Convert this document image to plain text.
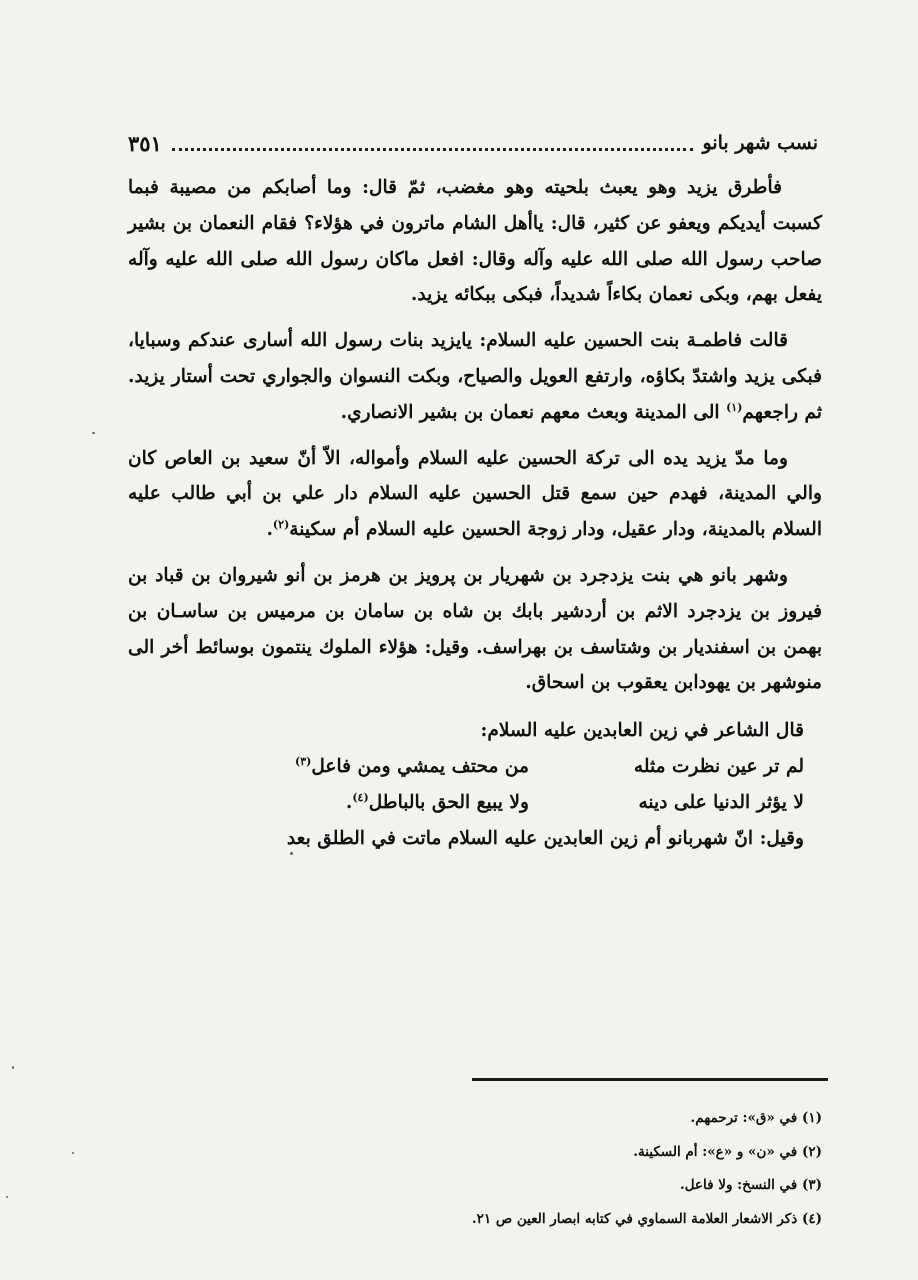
نسب شهر بانو
٣٥١

فأطرق يزيد وهو يعبث بلحيته وهو مغضب، ثمّ قال: وما أصابكم من مصيبة فبما كسبت أيديكم ويعفو عن كثير، قال: ياأهل الشام ماترون في هؤلاء؟ فقام النعمان بن بشير صاحب رسول الله صلى الله عليه وآله وقال: افعل ماكان رسول الله صلى الله عليه وآله يفعل بهم، وبكى نعمان بكاءاً شديداً، فبكى ببكائه يزيد.

قالت فاطمـة بنت الحسين عليه السلام: يايزيد بنات رسول الله أسارى عندكم وسبايا، فبكى يزيد واشتدّ بكاؤه، وارتفع العويل والصياح، وبكت النسوان والجواري تحت أستار يزيد. ثم راجعهم$^{(١)}$ الى المدينة وبعث معهم نعمان بن بشير الانصاري.

وما مدّ يزيد يده الى تركة الحسين عليه السلام وأمواله، الاّ أنّ سعيد بن العاص كان والي المدينة، فهدم حين سمع قتل الحسين عليه السلام دار علي بن أبي طالب عليه السلام بالمدينة، ودار عقيل، ودار زوجة الحسين عليه السلام أم سكينة$^{(٢)}$.

وشهر بانو هي بنت يزدجرد بن شهريار بن پرويز بن هرمز بن أنو شيروان بن قباد بن فيروز بن يزدجرد الاثم بن أردشير بابك بن شاه بن سامان بن مرميس بن ساسـان بن بهمن بن اسفنديار بن وشتاسف بن بهراسف. وقيل: هؤلاء الملوك ينتمون بوسائط أخر الى منوشهر بن يهودابن يعقوب بن اسحاق.

قال الشاعر في زين العابدين عليه السلام:

لم تر عين نظرت مثله
من محتف يمشي ومن فاعل$^{(٣)}$
لا يؤثر الدنيا على دينه
ولا يبيع الحق بالباطل$^{(٤)}$.

وقيل: انّ شهربانو أم زين العابدين عليه السلام ماتت في الطلق بعد

(١) في «ق»: ترحمهم.

(٢) في «ن» و «ع»: أم السكينة.

(٣) في النسخ: ولا فاعل.

(٤) ذكر الاشعار العلامة السماوي في كتابه ابصار العين ص ٢١.
